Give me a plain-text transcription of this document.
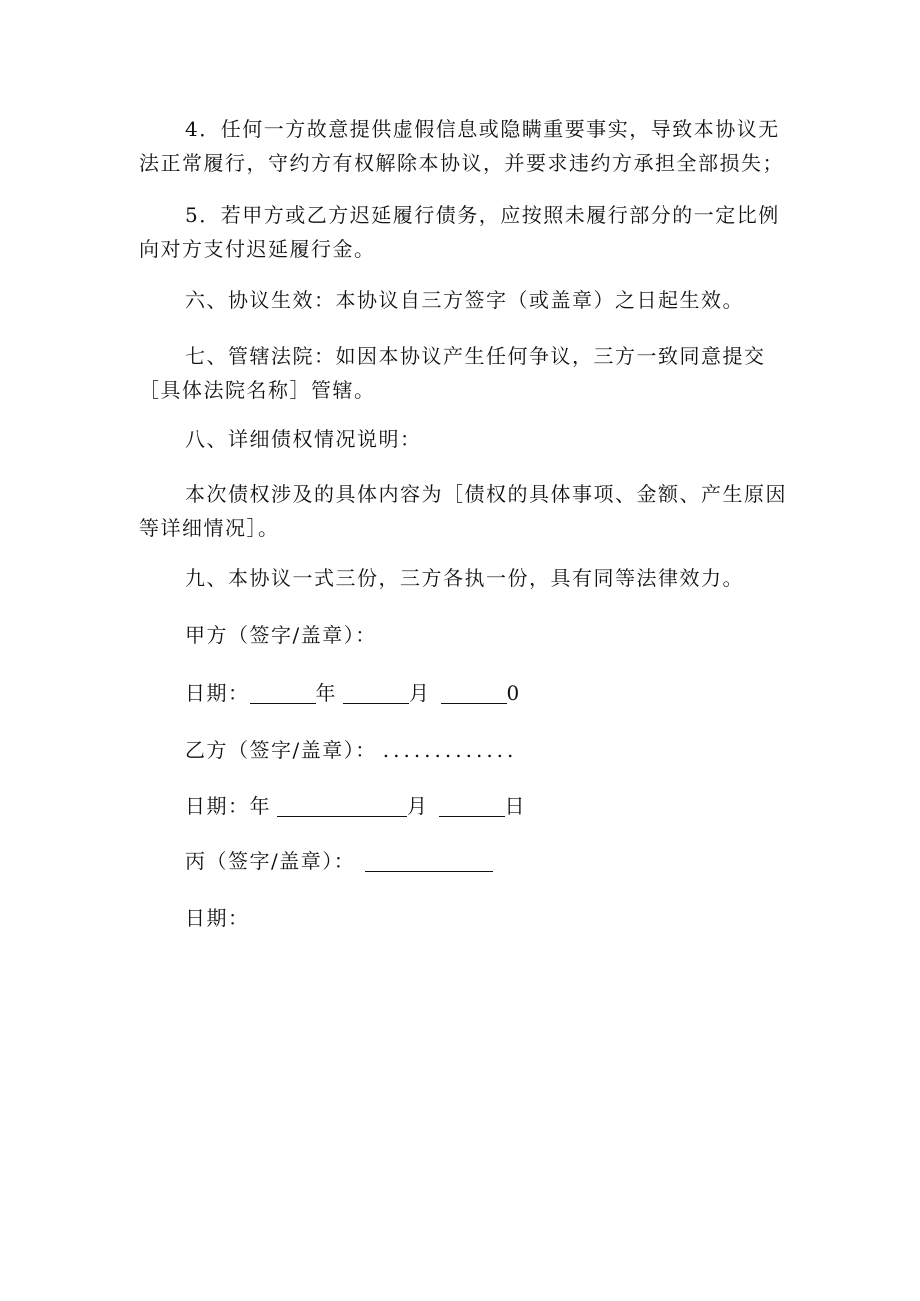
4．任何一方故意提供虚假信息或隐瞒重要事实，导致本协议无
法正常履行，守约方有权解除本协议，并要求违约方承担全部损失；

5．若甲方或乙方迟延履行债务，应按照未履行部分的一定比例
向对方支付迟延履行金。

六、协议生效：本协议自三方签字（或盖章）之日起生效。

七、管辖法院：如因本协议产生任何争议，三方一致同意提交
［具体法院名称］管辖。

八、详细债权情况说明：

本次债权涉及的具体内容为［债权的具体事项、金额、产生原因
等详细情况］。

九、本协议一式三份，三方各执一份，具有同等法律效力。

甲方（签字/盖章）：

日期：	年	月	0

乙方（签字/盖章）： .............

日期：年	月	日

丙（签字/盖章）：

日期：
